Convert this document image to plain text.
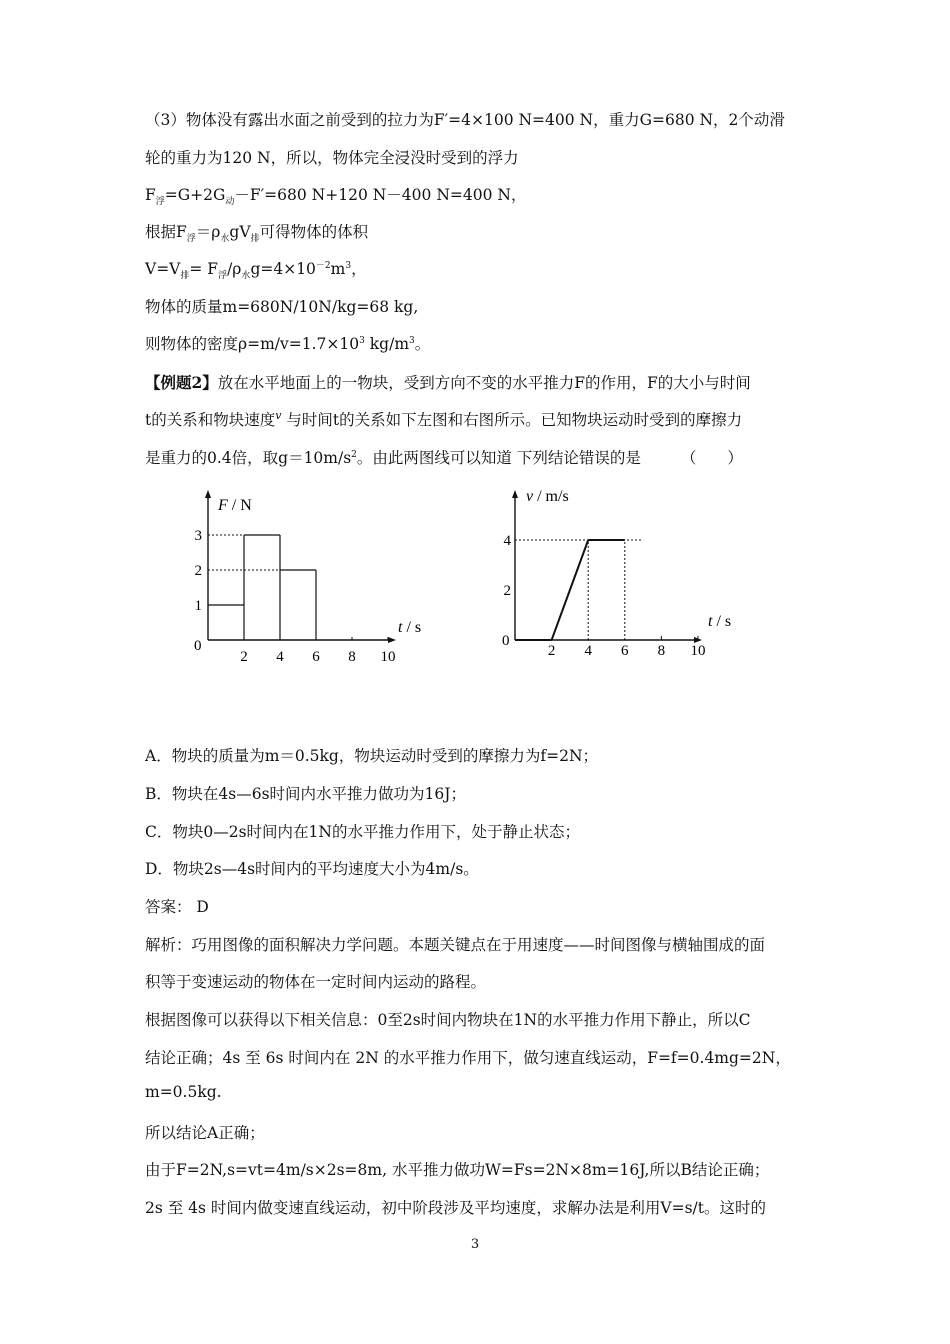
（3）物体没有露出水面之前受到的拉力为F′=4×100 N=400 N，重力G=680 N，2个动滑
轮的重力为120 N，所以，物体完全浸没时受到的浮力
$F_浮=G+2G_动-F'=680$ N+120 N－400 N=400 N，
根据$F_浮=\rho_水gV_排$可得物体的体积
$V=V_排= F_浮/\rho_水g=4\times 10^{-2}m^3$，
物体的质量m=680N/10N/kg=68 kg,
则物体的密度$\rho=m/v=1.7\times 10^3$ $kg/m^3$。
【例题2】放在水平地面上的一物块，受到方向不变的水平推力F的作用，F的大小与时间
t的关系和物块速度$^v$ 与时间t的关系如下左图和右图所示。已知物块运动时受到的摩擦力
是重力的0.4倍，取$g=10m/s^2$。由此两图线可以知道 下列结论错误的是	（　　）
F / N
t / s
0
2 4 6 8 10
1
2
3
v / m/s
t / s
0
2 4 6 8 10
2
4
A．物块的质量为m＝0.5kg，物块运动时受到的摩擦力为f=2N；
B．物块在4s—6s时间内水平推力做功为16J；
C．物块0—2s时间内在1N的水平推力作用下，处于静止状态；
D．物块2s—4s时间内的平均速度大小为4m/s。
答案： D
解析：巧用图像的面积解决力学问题。本题关键点在于用速度——时间图像与横轴围成的面
积等于变速运动的物体在一定时间内运动的路程。
根据图像可以获得以下相关信息：0至2s时间内物块在1N的水平推力作用下静止，所以C
结论正确；4s 至 6s 时间内在 2N 的水平推力作用下，做匀速直线运动，F=f=0.4mg=2N，
m=0.5kg.
所以结论A正确；
由于F=2N,s=vt=4m/s×2s=8m, 水平推力做功W=Fs=2N×8m=16J,所以B结论正确；
2s 至 4s 时间内做变速直线运动，初中阶段涉及平均速度，求解办法是利用V=s/t。这时的
3
